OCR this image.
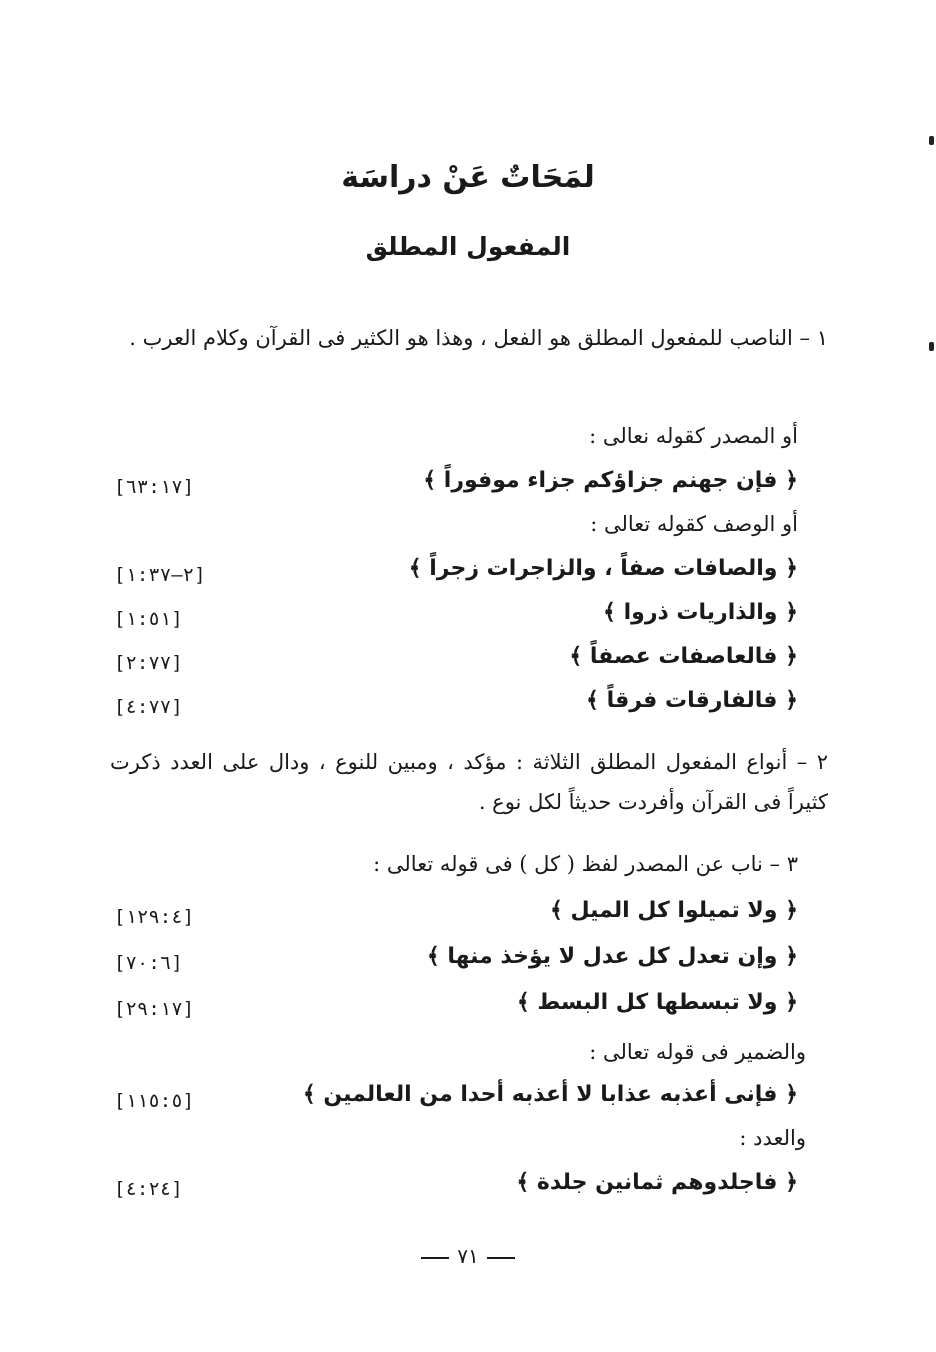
لمَحَاتٌ عَنْ دراسَة
المفعول المطلق
١ – الناصب للمفعول المطلق هو الفعل ، وهذا هو الكثير فى القرآن وكلام العرب .
أو المصدر كقوله نعالى :
﴿ فإن جهنم جزاؤكم جزاء موفوراً ﴾
[٦٣:١٧]
أو الوصف كقوله تعالى :
﴿ والصافات صفاً ، والزاجرات زجراً ﴾
[٢–١:٣٧]
﴿ والذاريات ذروا ﴾
[١:٥١]
﴿ فالعاصفات عصفاً ﴾
[٢:٧٧]
﴿ فالفارقات فرقاً ﴾
[٤:٧٧]
٢ – أنواع المفعول المطلق الثلاثة : مؤكد ، ومبين للنوع ، ودال على العدد ذكرت كثيراً فى القرآن وأفردت حديثاً لكل نوع .
٣ – ناب عن المصدر لفظ ( كل ) فى قوله تعالى :
﴿ ولا تميلوا كل الميل ﴾
[١٢٩:٤]
﴿ وإن تعدل كل عدل لا يؤخذ منها ﴾
[٧٠:٦]
﴿ ولا تبسطها كل البسط ﴾
[٢٩:١٧]
والضمير فى قوله تعالى :
﴿ فإنى أعذبه عذابا لا أعذبه أحدا من العالمين ﴾
[١١٥:٥]
والعدد :
﴿ فاجلدوهم ثمانين جلدة ﴾
[٤:٢٤]
٧١
